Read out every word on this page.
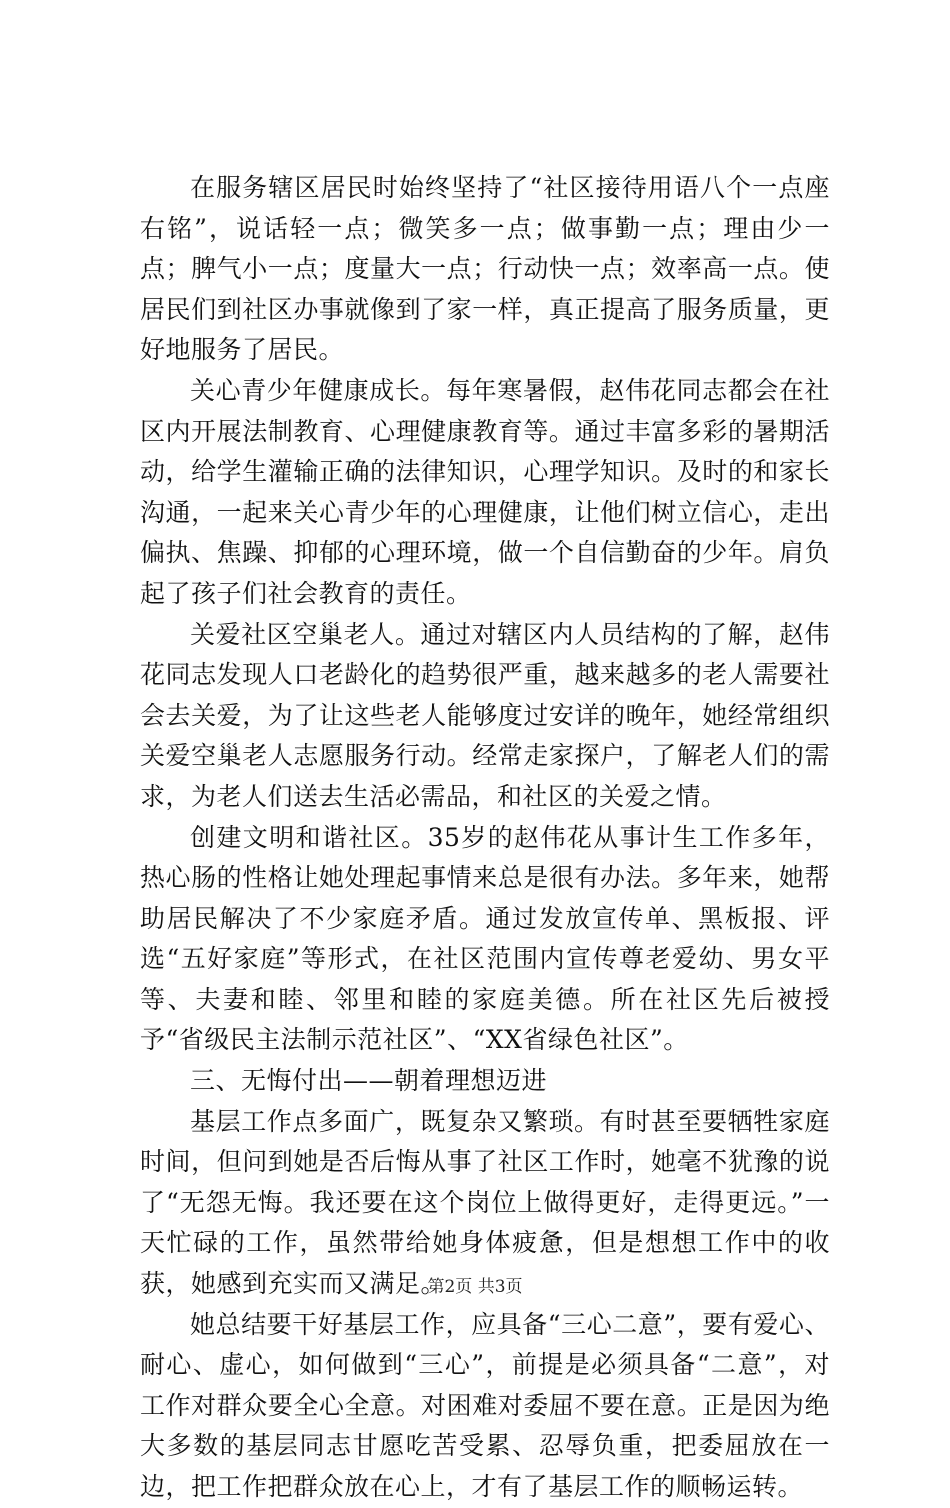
在服务辖区居民时始终坚持了“社区接待用语八个一点座右铭”，说话轻一点；微笑多一点；做事勤一点；理由少一点；脾气小一点；度量大一点；行动快一点；效率高一点。使居民们到社区办事就像到了家一样，真正提高了服务质量，更好地服务了居民。

关心青少年健康成长。每年寒暑假，赵伟花同志都会在社区内开展法制教育、心理健康教育等。通过丰富多彩的暑期活动，给学生灌输正确的法律知识，心理学知识。及时的和家长沟通，一起来关心青少年的心理健康，让他们树立信心，走出偏执、焦躁、抑郁的心理环境，做一个自信勤奋的少年。肩负起了孩子们社会教育的责任。

关爱社区空巢老人。通过对辖区内人员结构的了解，赵伟花同志发现人口老龄化的趋势很严重，越来越多的老人需要社会去关爱，为了让这些老人能够度过安详的晚年，她经常组织关爱空巢老人志愿服务行动。经常走家探户，了解老人们的需求，为老人们送去生活必需品，和社区的关爱之情。

创建文明和谐社区。35岁的赵伟花从事计生工作多年，热心肠的性格让她处理起事情来总是很有办法。多年来，她帮助居民解决了不少家庭矛盾。通过发放宣传单、黑板报、评选“五好家庭”等形式，在社区范围内宣传尊老爱幼、男女平等、夫妻和睦、邻里和睦的家庭美德。所在社区先后被授予“省级民主法制示范社区”、“XX省绿色社区”。

三、无悔付出——朝着理想迈进

基层工作点多面广，既复杂又繁琐。有时甚至要牺牲家庭时间，但问到她是否后悔从事了社区工作时，她毫不犹豫的说了“无怨无悔。我还要在这个岗位上做得更好，走得更远。”一天忙碌的工作，虽然带给她身体疲惫，但是想想工作中的收获，她感到充实而又满足。

她总结要干好基层工作，应具备“三心二意”，要有爱心、耐心、虚心，如何做到“三心”，前提是必须具备“二意”，对工作对群众要全心全意。对困难对委屈不要在意。正是因为绝大多数的基层同志甘愿吃苦受累、忍辱负重，把委屈放在一边，把工作把群众放在心上，才有了基层工作的顺畅运转。

第2页 共3页
